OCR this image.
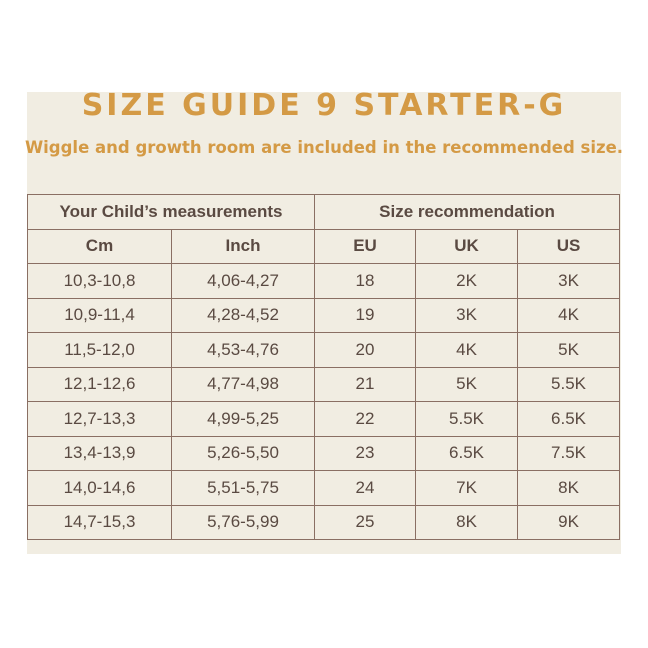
SIZE GUIDE 9 STARTER-G
Wiggle and growth room are included in the recommended size.
Your Child’s measurements		Size recommendation		
Cm	Inch	EU	UK	US
10,3-10,8	4,06-4,27	18	2K	3K
10,9-11,4	4,28-4,52	19	3K	4K
11,5-12,0	4,53-4,76	20	4K	5K
12,1-12,6	4,77-4,98	21	5K	5.5K
12,7-13,3	4,99-5,25	22	5.5K	6.5K
13,4-13,9	5,26-5,50	23	6.5K	7.5K
14,0-14,6	5,51-5,75	24	7K	8K
14,7-15,3	5,76-5,99	25	8K	9K
